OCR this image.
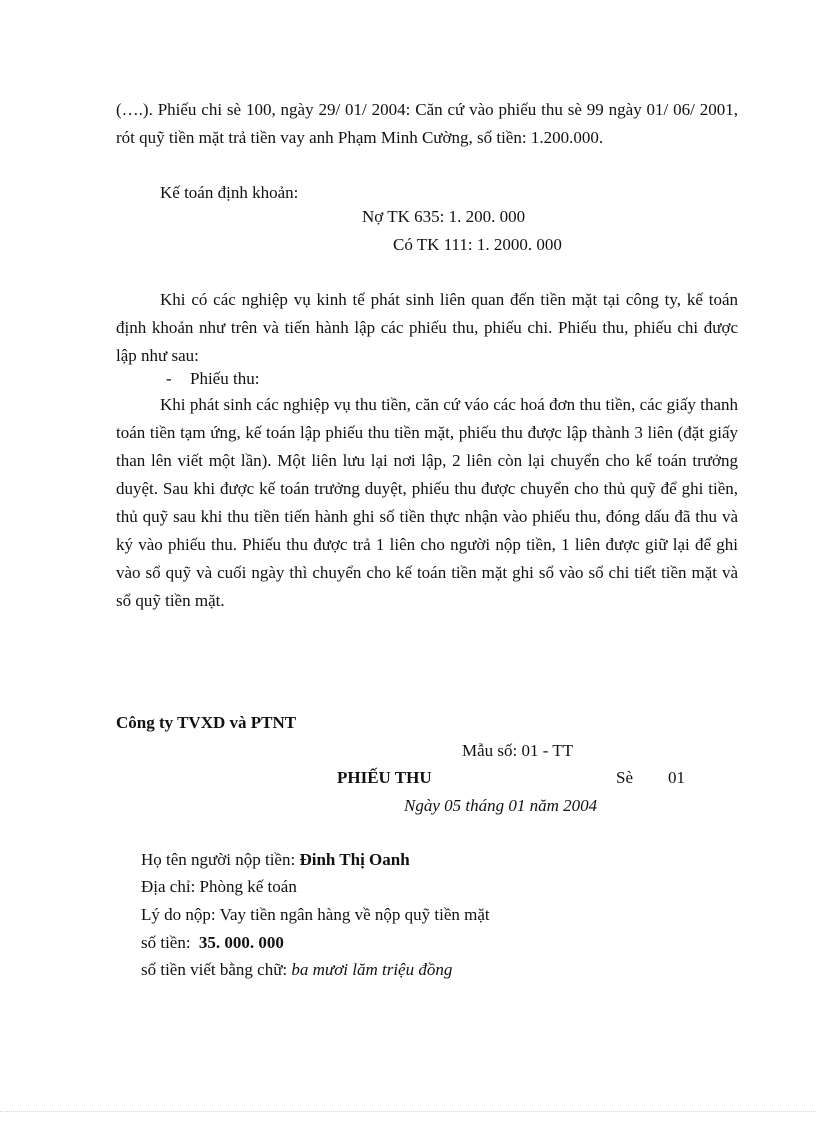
(….). Phiếu chi sè 100, ngày 29/ 01/ 2004: Căn cứ vào phiếu thu sè 99 ngày 01/ 06/ 2001, rót quỹ tiền mặt trả tiền vay anh Phạm Minh Cường, số tiền: 1.200.000.
Kế toán định khoản:
Nợ TK 635: 1. 200. 000
Có TK 111: 1. 2000. 000
Khi có các nghiệp vụ kinh tế phát sinh liên quan đến tiền mặt tại công ty, kế toán định khoản như trên và tiến hành lập các phiếu thu, phiếu chi. Phiếu thu, phiếu chi được lập như sau:
- Phiếu thu:
Khi phát sinh các nghiệp vụ thu tiền, căn cứ váo các hoá đơn thu tiền, các giấy thanh toán tiền tạm ứng, kế toán lập phiếu thu tiền mặt, phiếu thu được lập thành 3 liên (đặt giấy than lên viết một lần). Một liên lưu lại nơi lập, 2 liên còn lại chuyển cho kế toán trưởng duyệt. Sau khi được kế toán trưởng duyệt, phiếu thu được chuyển cho thủ quỹ để ghi tiền, thủ quỹ sau khi thu tiền tiến hành ghi số tiền thực nhận vào phiếu thu, đóng dấu đã thu và ký vào phiếu thu. Phiếu thu được trả 1 liên cho người nộp tiền, 1 liên được giữ lại để ghi vào sổ quỹ và cuối ngày thì chuyển cho kế toán tiền mặt ghi sổ vào sổ chi tiết tiền mặt và sổ quỹ tiền mặt.
Công ty TVXD và PTNT
Mẫu số: 01 - TT
PHIẾU THU	Sè 01
Ngày 05 tháng 01 năm 2004
Họ tên người nộp tiền: Đinh Thị Oanh
Địa chỉ: Phòng kế toán
Lý do nộp: Vay tiền ngân hàng về nộp quỹ tiền mặt
số tiền: 35. 000. 000
số tiền viết bằng chữ: ba mươi lăm triệu đồng
